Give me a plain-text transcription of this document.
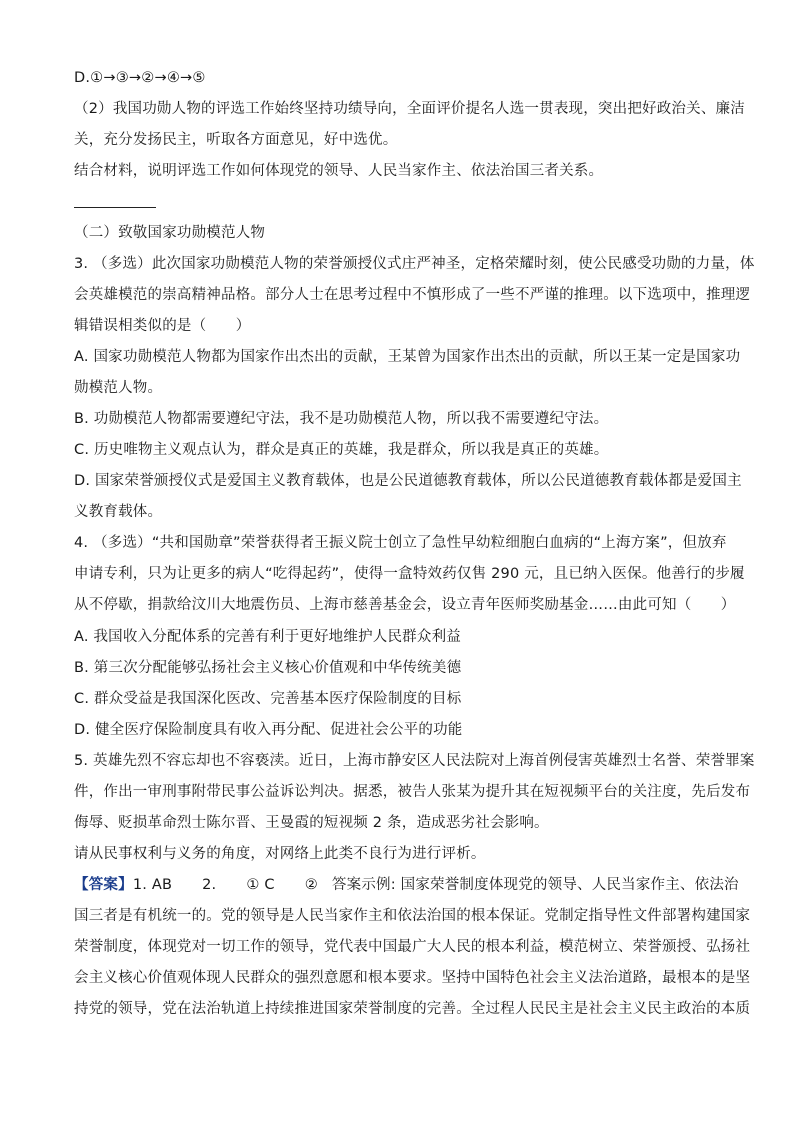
D.①→③→②→④→⑤
（2）我国功勋人物的评选工作始终坚持功绩导向，全面评价提名人选一贯表现，突出把好政治关、廉洁
关，充分发扬民主，听取各方面意见，好中选优。
结合材料，说明评选工作如何体现党的领导、人民当家作主、依法治国三者关系。
（二）致敬国家功勋模范人物
3. （多选）此次国家功勋模范人物的荣誉颁授仪式庄严神圣，定格荣耀时刻，使公民感受功勋的力量，体
会英雄模范的崇高精神品格。部分人士在思考过程中不慎形成了一些不严谨的推理。以下选项中，推理逻
辑错误相类似的是（　　）
A. 国家功勋模范人物都为国家作出杰出的贡献，王某曾为国家作出杰出的贡献，所以王某一定是国家功
勋模范人物。
B. 功勋模范人物都需要遵纪守法，我不是功勋模范人物，所以我不需要遵纪守法。
C. 历史唯物主义观点认为，群众是真正的英雄，我是群众，所以我是真正的英雄。
D. 国家荣誉颁授仪式是爱国主义教育载体，也是公民道德教育载体，所以公民道德教育载体都是爱国主
义教育载体。
4. （多选）“共和国勋章”荣誉获得者王振义院士创立了急性早幼粒细胞白血病的“上海方案”，但放弃
申请专利，只为让更多的病人“吃得起药”，使得一盒特效药仅售 290 元，且已纳入医保。他善行的步履
从不停歇，捐款给汶川大地震伤员、上海市慈善基金会，设立青年医师奖励基金……由此可知（　　）
A. 我国收入分配体系的完善有利于更好地维护人民群众利益
B. 第三次分配能够弘扬社会主义核心价值观和中华传统美德
C. 群众受益是我国深化医改、完善基本医疗保险制度的目标
D. 健全医疗保险制度具有收入再分配、促进社会公平的功能
5. 英雄先烈不容忘却也不容亵渎。近日，上海市静安区人民法院对上海首例侵害英雄烈士名誉、荣誉罪案
件，作出一审刑事附带民事公益诉讼判决。据悉，被告人张某为提升其在短视频平台的关注度，先后发布
侮辱、贬损革命烈士陈尔晋、王曼霞的短视频 2 条，造成恶劣社会影响。
请从民事权利与义务的角度，对网络上此类不良行为进行评析。
【答案】1. AB 2. ① C ② 答案示例: 国家荣誉制度体现党的领导、人民当家作主、依法治
国三者是有机统一的。党的领导是人民当家作主和依法治国的根本保证。党制定指导性文件部署构建国家
荣誉制度，体现党对一切工作的领导，党代表中国最广大人民的根本利益，模范树立、荣誉颁授、弘扬社
会主义核心价值观体现人民群众的强烈意愿和根本要求。坚持中国特色社会主义法治道路，最根本的是坚
持党的领导，党在法治轨道上持续推进国家荣誉制度的完善。全过程人民民主是社会主义民主政治的本质
